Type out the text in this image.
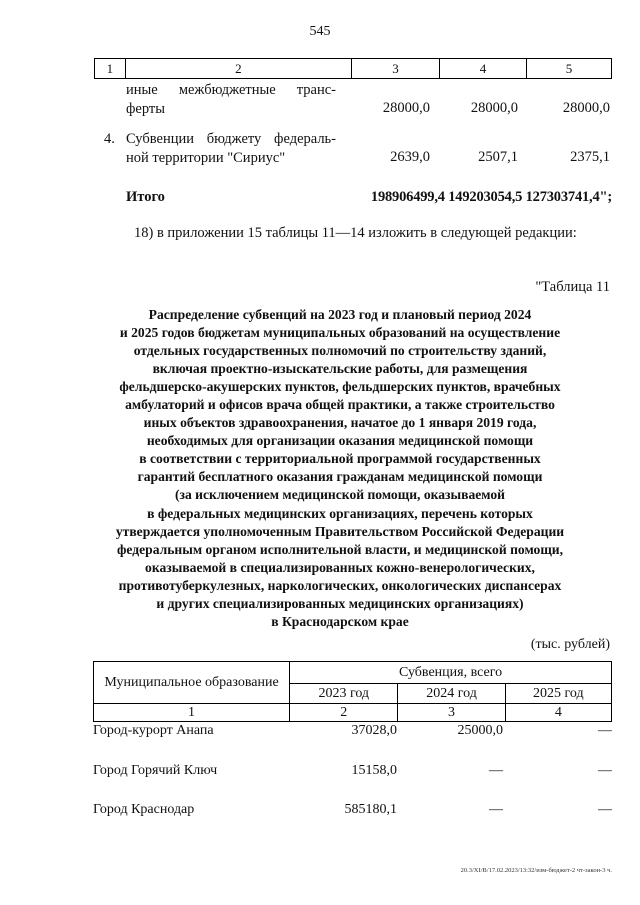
545
1	2	3	4	5
иные межбюджетные транс-
ферты	28000,0	28000,0	28000,0
4. Субвенции бюджету федераль-
ной территории "Сириус"	2639,0	2507,1	2375,1
Итого	198906499,4 149203054,5 127303741,4";
18) в приложении 15 таблицы 11—14 изложить в следующей редакции:
"Таблица 11
Распределение субвенций на 2023 год и плановый период 2024
и 2025 годов бюджетам муниципальных образований на осуществление
отдельных государственных полномочий по строительству зданий,
включая проектно-изыскательские работы, для размещения
фельдшерско-акушерских пунктов, фельдшерских пунктов, врачебных
амбулаторий и офисов врача общей практики, а также строительство
иных объектов здравоохранения, начатое до 1 января 2019 года,
необходимых для организации оказания медицинской помощи
в соответствии с территориальной программой государственных
гарантий бесплатного оказания гражданам медицинской помощи
(за исключением медицинской помощи, оказываемой
в федеральных медицинских организациях, перечень которых
утверждается уполномоченным Правительством Российской Федерации
федеральным органом исполнительной власти, и медицинской помощи,
оказываемой в специализированных кожно-венерологических,
противотуберкулезных, наркологических, онкологических диспансерах
и других специализированных медицинских организациях)
в Краснодарском крае
(тыс. рублей)
Муниципальное образование	Субвенция, всего		
	2023 год	2024 год	2025 год
1	2	3	4
Город-курорт Анапа	37028,0	25000,0	—
Город Горячий Ключ	15158,0	—	—
Город Краснодар	585180,1	—	—
20.3/XI/В/17.02.2023/13:32/изм-бюджет-2 чт-закон-3 ч.
